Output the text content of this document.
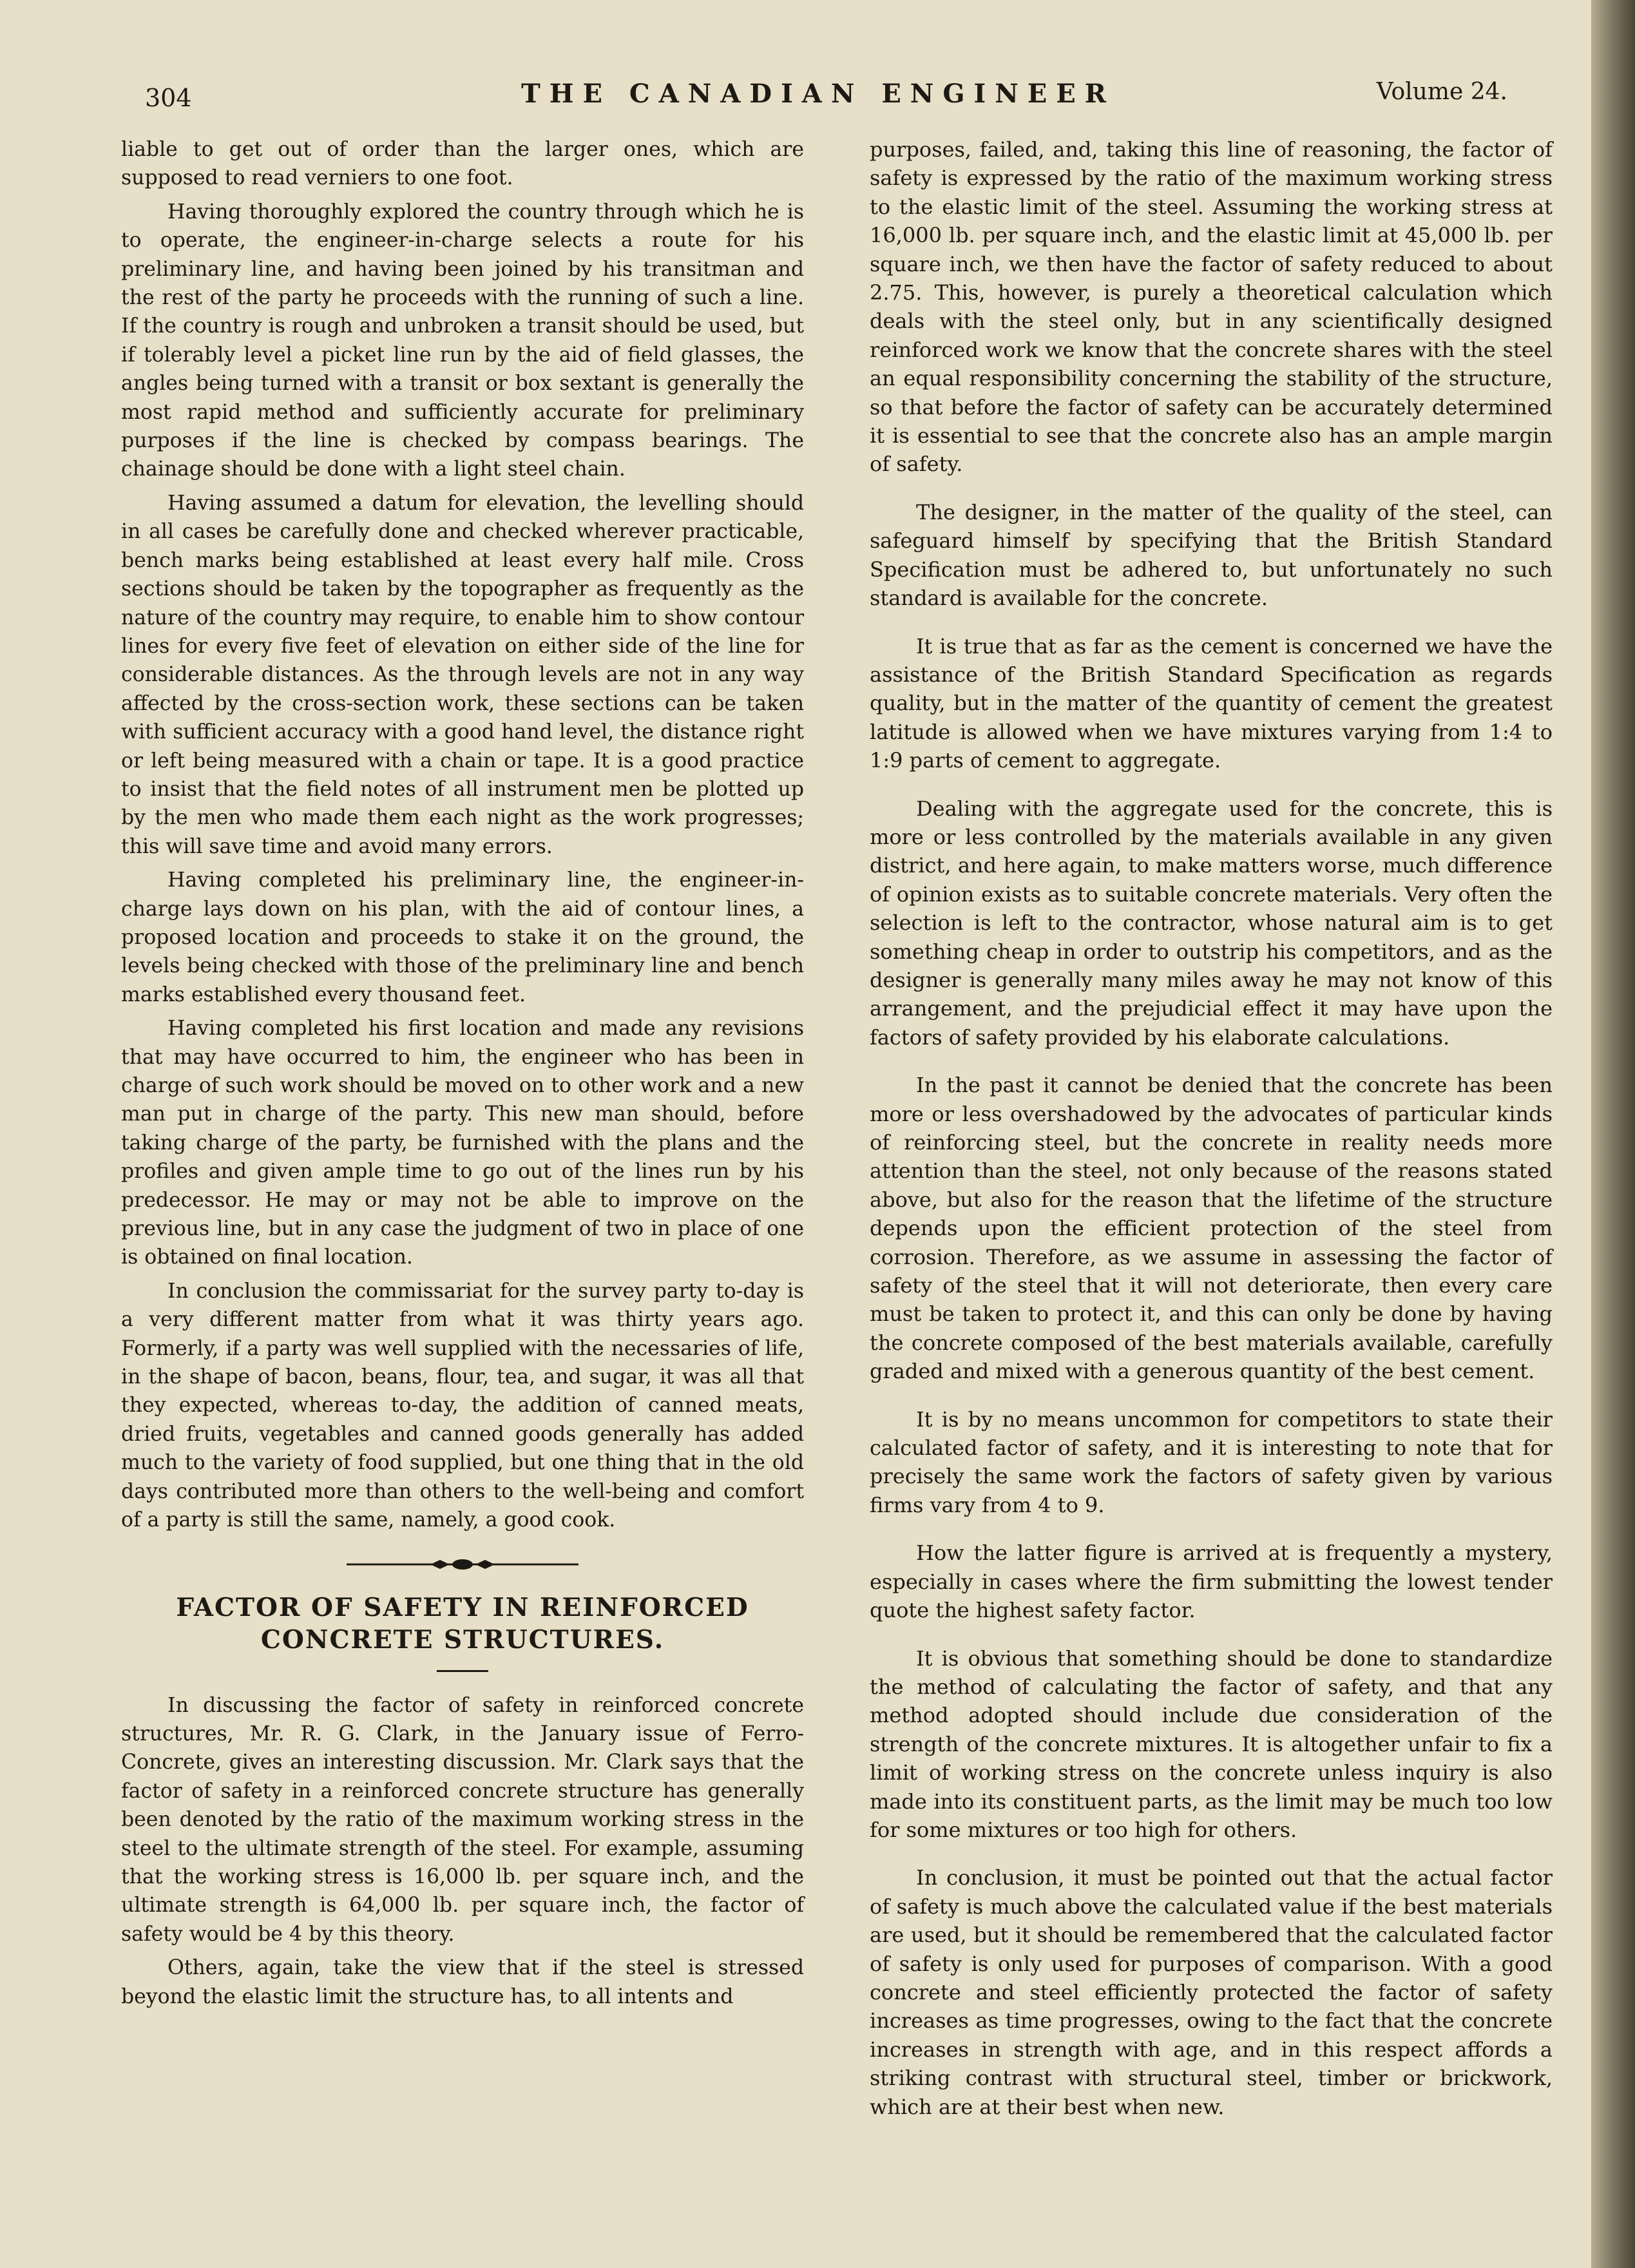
304	THE CANADIAN ENGINEER	Volume 24.

liable to get out of order than the larger ones, which are supposed to read verniers to one foot.

Having thoroughly explored the country through which he is to operate, the engineer-in-charge selects a route for his preliminary line, and having been joined by his transitman and the rest of the party he proceeds with the running of such a line. If the country is rough and unbroken a transit should be used, but if tolerably level a picket line run by the aid of field glasses, the angles being turned with a transit or box sextant is generally the most rapid method and sufficiently accurate for preliminary purposes if the line is checked by compass bearings. The chainage should be done with a light steel chain.

Having assumed a datum for elevation, the levelling should in all cases be carefully done and checked wherever practicable, bench marks being established at least every half mile. Cross sections should be taken by the topographer as frequently as the nature of the country may require, to enable him to show contour lines for every five feet of elevation on either side of the line for considerable distances. As the through levels are not in any way affected by the cross-section work, these sections can be taken with sufficient accuracy with a good hand level, the distance right or left being measured with a chain or tape. It is a good practice to insist that the field notes of all instrument men be plotted up by the men who made them each night as the work progresses; this will save time and avoid many errors.

Having completed his preliminary line, the engineer-in-charge lays down on his plan, with the aid of contour lines, a proposed location and proceeds to stake it on the ground, the levels being checked with those of the preliminary line and bench marks established every thousand feet.

Having completed his first location and made any revisions that may have occurred to him, the engineer who has been in charge of such work should be moved on to other work and a new man put in charge of the party. This new man should, before taking charge of the party, be furnished with the plans and the profiles and given ample time to go out of the lines run by his predecessor. He may or may not be able to improve on the previous line, but in any case the judgment of two in place of one is obtained on final location.

In conclusion the commissariat for the survey party to-day is a very different matter from what it was thirty years ago. Formerly, if a party was well supplied with the necessaries of life, in the shape of bacon, beans, flour, tea, and sugar, it was all that they expected, whereas to-day, the addition of canned meats, dried fruits, vegetables and canned goods generally has added much to the variety of food supplied, but one thing that in the old days contributed more than others to the well-being and comfort of a party is still the same, namely, a good cook.

FACTOR OF SAFETY IN REINFORCED CONCRETE STRUCTURES.

In discussing the factor of safety in reinforced concrete structures, Mr. R. G. Clark, in the January issue of Ferro-Concrete, gives an interesting discussion. Mr. Clark says that the factor of safety in a reinforced concrete structure has generally been denoted by the ratio of the maximum working stress in the steel to the ultimate strength of the steel. For example, assuming that the working stress is 16,000 lb. per square inch, and the ultimate strength is 64,000 lb. per square inch, the factor of safety would be 4 by this theory.

Others, again, take the view that if the steel is stressed beyond the elastic limit the structure has, to all intents and

purposes, failed, and, taking this line of reasoning, the factor of safety is expressed by the ratio of the maximum working stress to the elastic limit of the steel. Assuming the working stress at 16,000 lb. per square inch, and the elastic limit at 45,000 lb. per square inch, we then have the factor of safety reduced to about 2.75. This, however, is purely a theoretical calculation which deals with the steel only, but in any scientifically designed reinforced work we know that the concrete shares with the steel an equal responsibility concerning the stability of the structure, so that before the factor of safety can be accurately determined it is essential to see that the concrete also has an ample margin of safety.

The designer, in the matter of the quality of the steel, can safeguard himself by specifying that the British Standard Specification must be adhered to, but unfortunately no such standard is available for the concrete.

It is true that as far as the cement is concerned we have the assistance of the British Standard Specification as regards quality, but in the matter of the quantity of cement the greatest latitude is allowed when we have mixtures varying from 1:4 to 1:9 parts of cement to aggregate.

Dealing with the aggregate used for the concrete, this is more or less controlled by the materials available in any given district, and here again, to make matters worse, much difference of opinion exists as to suitable concrete materials. Very often the selection is left to the contractor, whose natural aim is to get something cheap in order to outstrip his competitors, and as the designer is generally many miles away he may not know of this arrangement, and the prejudicial effect it may have upon the factors of safety provided by his elaborate calculations.

In the past it cannot be denied that the concrete has been more or less overshadowed by the advocates of particular kinds of reinforcing steel, but the concrete in reality needs more attention than the steel, not only because of the reasons stated above, but also for the reason that the lifetime of the structure depends upon the efficient protection of the steel from corrosion. Therefore, as we assume in assessing the factor of safety of the steel that it will not deteriorate, then every care must be taken to protect it, and this can only be done by having the concrete composed of the best materials available, carefully graded and mixed with a generous quantity of the best cement.

It is by no means uncommon for competitors to state their calculated factor of safety, and it is interesting to note that for precisely the same work the factors of safety given by various firms vary from 4 to 9.

How the latter figure is arrived at is frequently a mystery, especially in cases where the firm submitting the lowest tender quote the highest safety factor.

It is obvious that something should be done to standardize the method of calculating the factor of safety, and that any method adopted should include due consideration of the strength of the concrete mixtures. It is altogether unfair to fix a limit of working stress on the concrete unless inquiry is also made into its constituent parts, as the limit may be much too low for some mixtures or too high for others.

In conclusion, it must be pointed out that the actual factor of safety is much above the calculated value if the best materials are used, but it should be remembered that the calculated factor of safety is only used for purposes of comparison. With a good concrete and steel efficiently protected the factor of safety increases as time progresses, owing to the fact that the concrete increases in strength with age, and in this respect affords a striking contrast with structural steel, timber or brickwork, which are at their best when new.
